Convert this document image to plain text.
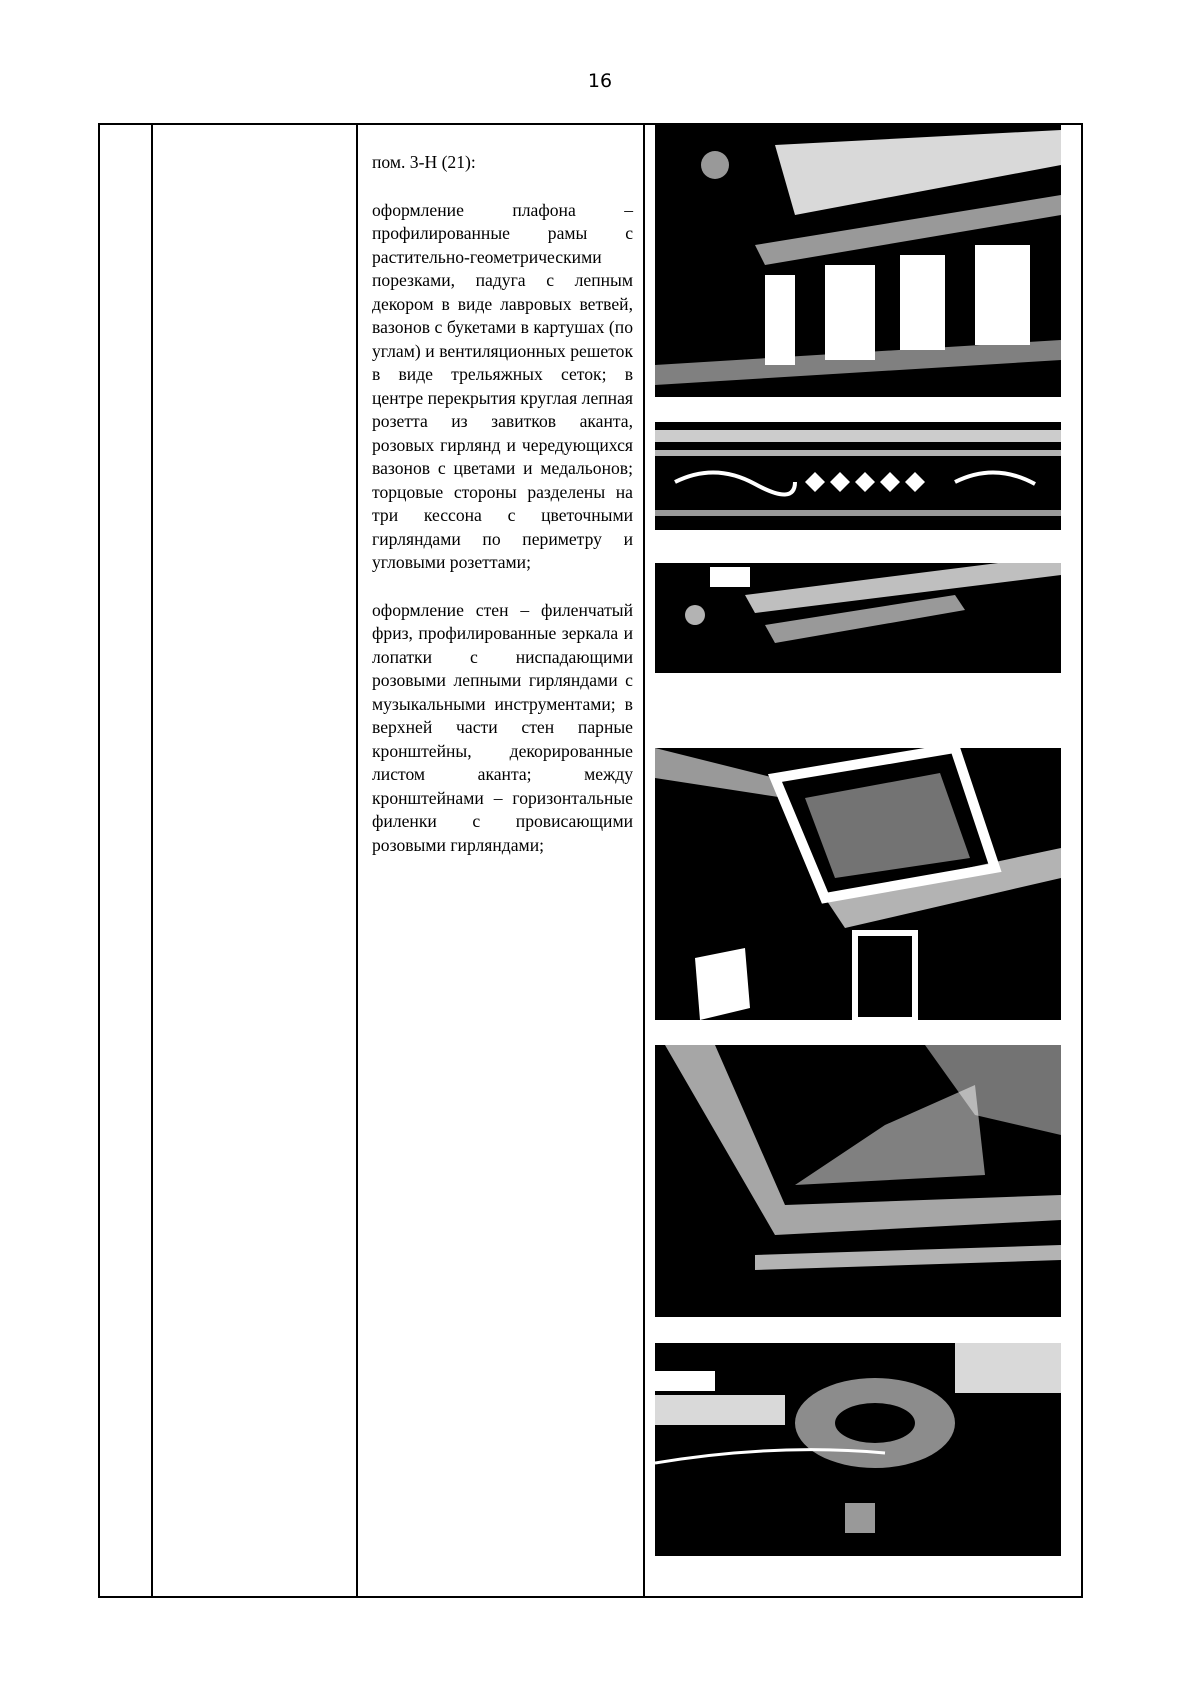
16

пом. 3-Н (21):

оформление плафона – профилированные рамы с растительно-геометрическими порезками, падуга с лепным декором в виде лавровых ветвей, вазонов с букетами в картушах (по углам) и вентиляционных решеток в виде трельяжных сеток; в центре перекрытия круглая лепная розетта из завитков аканта, розовых гирлянд и чередующихся вазонов с цветами и медальонов; торцовые стороны разделены на три кессона с цветочными гирляндами по периметру и угловыми розеттами;

оформление стен – филенчатый фриз, профилированные зеркала и лопатки с ниспадающими розовыми лепными гирляндами с музыкальными инструментами; в верхней части стен парные кронштейны, декорированные листом аканта; между кронштейнами – горизонтальные филенки с провисающими розовыми гирляндами;
